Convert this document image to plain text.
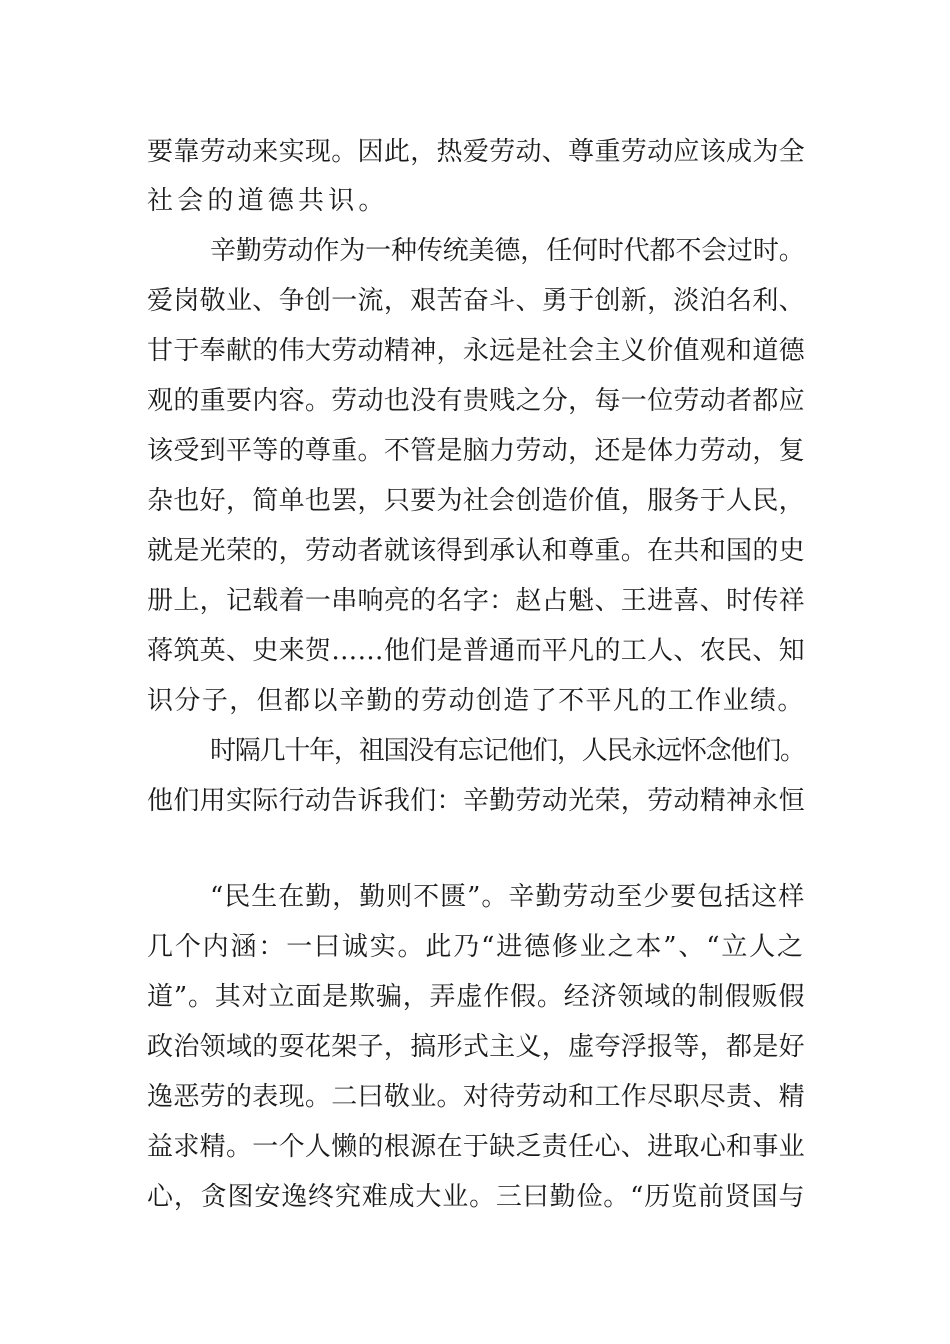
要靠劳动来实现。因此，热爱劳动、尊重劳动应该成为全
社会的道德共识。
辛勤劳动作为一种传统美德，任何时代都不会过时。
爱岗敬业、争创一流，艰苦奋斗、勇于创新，淡泊名利、
甘于奉献的伟大劳动精神，永远是社会主义价值观和道德
观的重要内容。劳动也没有贵贱之分，每一位劳动者都应
该受到平等的尊重。不管是脑力劳动，还是体力劳动，复
杂也好，简单也罢，只要为社会创造价值，服务于人民，
就是光荣的，劳动者就该得到承认和尊重。在共和国的史
册上，记载着一串响亮的名字：赵占魁、王进喜、时传祥
蒋筑英、史来贺……他们是普通而平凡的工人、农民、知
识分子，但都以辛勤的劳动创造了不平凡的工作业绩。
时隔几十年，祖国没有忘记他们，人民永远怀念他们。
他们用实际行动告诉我们：辛勤劳动光荣，劳动精神永恒
“民生在勤，勤则不匮”。辛勤劳动至少要包括这样
几个内涵：一曰诚实。此乃“进德修业之本”、“立人之
道”。其对立面是欺骗，弄虚作假。经济领域的制假贩假
政治领域的耍花架子，搞形式主义，虚夸浮报等，都是好
逸恶劳的表现。二曰敬业。对待劳动和工作尽职尽责、精
益求精。一个人懒的根源在于缺乏责任心、进取心和事业
心，贪图安逸终究难成大业。三曰勤俭。“历览前贤国与
